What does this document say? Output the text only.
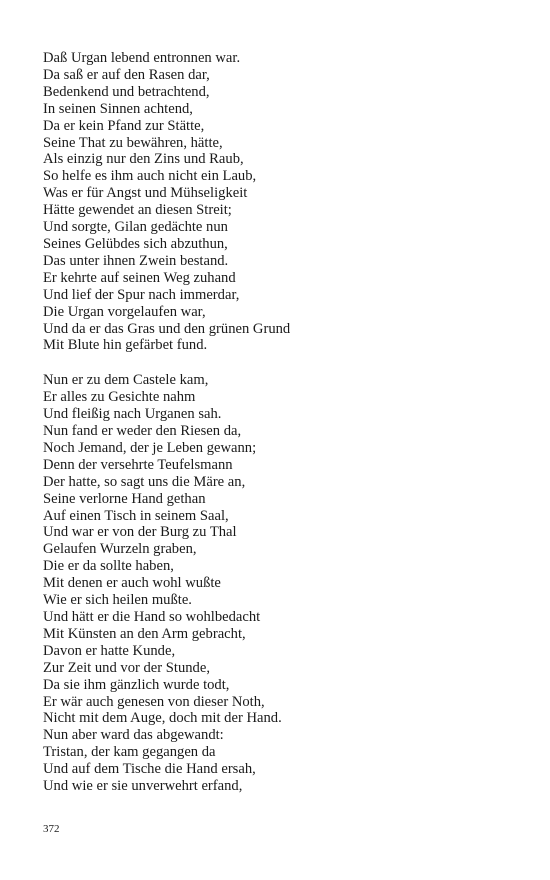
Daß Urgan lebend entronnen war.
Da saß er auf den Rasen dar,
Bedenkend und betrachtend,
In seinen Sinnen achtend,
Da er kein Pfand zur Stätte,
Seine That zu bewähren, hätte,
Als einzig nur den Zins und Raub,
So helfe es ihm auch nicht ein Laub,
Was er für Angst und Mühseligkeit
Hätte gewendet an diesen Streit;
Und sorgte, Gilan gedächte nun
Seines Gelübdes sich abzuthun,
Das unter ihnen Zwein bestand.
Er kehrte auf seinen Weg zuhand
Und lief der Spur nach immerdar,
Die Urgan vorgelaufen war,
Und da er das Gras und den grünen Grund
Mit Blute hin gefärbet fund.
Nun er zu dem Castele kam,
Er alles zu Gesichte nahm
Und fleißig nach Urganen sah.
Nun fand er weder den Riesen da,
Noch Jemand, der je Leben gewann;
Denn der versehrte Teufelsmann
Der hatte, so sagt uns die Märe an,
Seine verlorne Hand gethan
Auf einen Tisch in seinem Saal,
Und war er von der Burg zu Thal
Gelaufen Wurzeln graben,
Die er da sollte haben,
Mit denen er auch wohl wußte
Wie er sich heilen mußte.
Und hätt er die Hand so wohlbedacht
Mit Künsten an den Arm gebracht,
Davon er hatte Kunde,
Zur Zeit und vor der Stunde,
Da sie ihm gänzlich wurde todt,
Er wär auch genesen von dieser Noth,
Nicht mit dem Auge, doch mit der Hand.
Nun aber ward das abgewandt:
Tristan, der kam gegangen da
Und auf dem Tische die Hand ersah,
Und wie er sie unverwehrt erfand,
372
